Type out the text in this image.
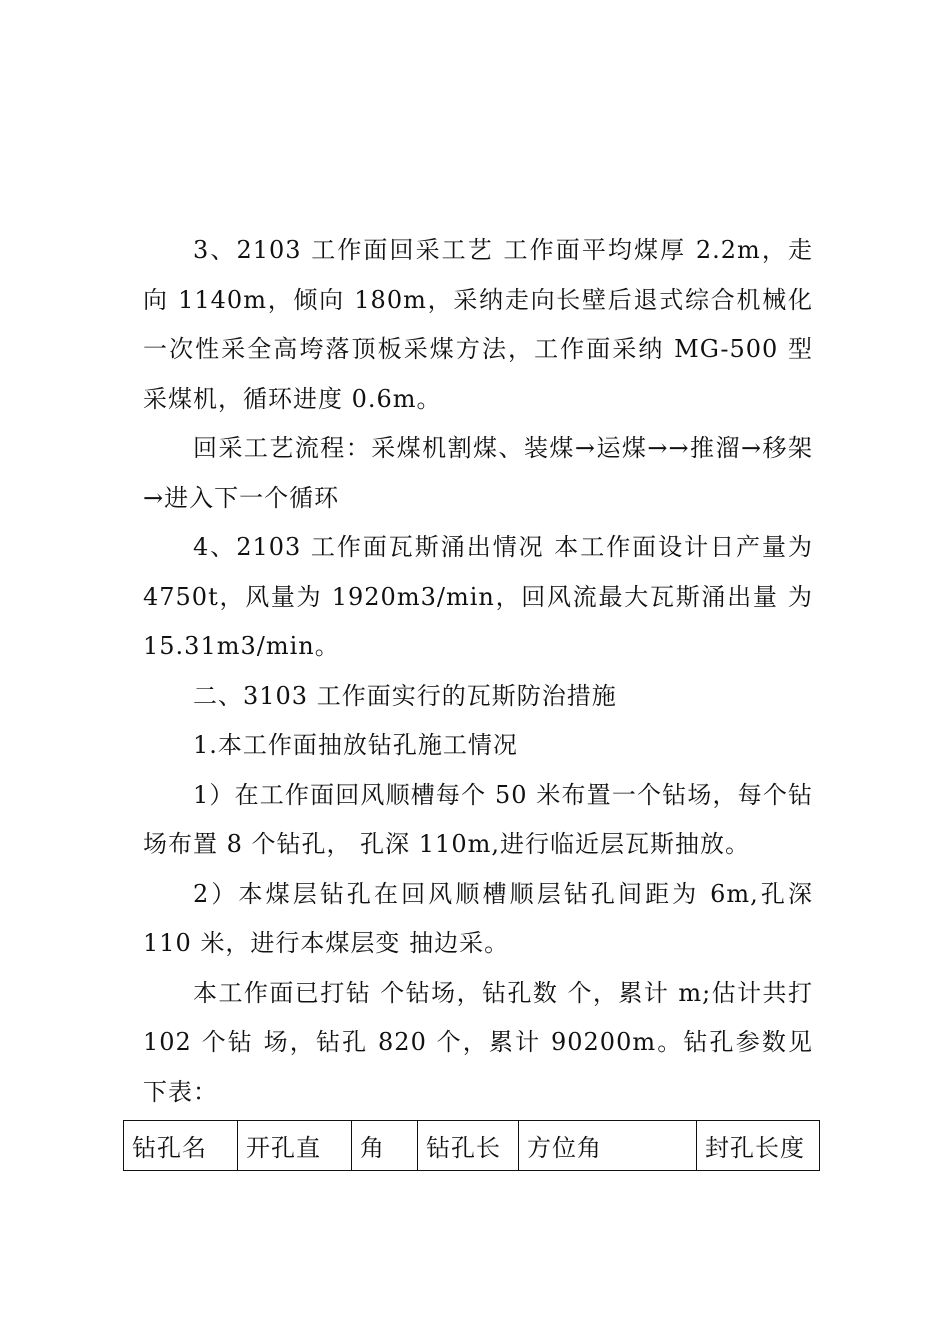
3、2103 工作面回采工艺 工作面平均煤厚 2.2m，走向 1140m，倾向 180m，采纳走向长壁后退式综合机械化一次性采全高垮落顶板采煤方法，工作面采纳 MG-500 型采煤机，循环进度 0.6m。

回采工艺流程：采煤机割煤、装煤→运煤→→推溜→移架→进入下一个循环

4、2103 工作面瓦斯涌出情况 本工作面设计日产量为 4750t，风量为 1920m3/min，回风流最大瓦斯涌出量 为 15.31m3/min。

二、3103 工作面实行的瓦斯防治措施

1.本工作面抽放钻孔施工情况

1）在工作面回风顺槽每个 50 米布置一个钻场，每个钻场布置 8 个钻孔， 孔深 110m,进行临近层瓦斯抽放。

2）本煤层钻孔在回风顺槽顺层钻孔间距为 6m,孔深 110 米，进行本煤层变 抽边采。

本工作面已打钻 个钻场，钻孔数 个，累计 m;估计共打 102 个钻 场，钻孔 820 个，累计 90200m。钻孔参数见下表：

钻孔名	开孔直	角	钻孔长	方位角	封孔长度
